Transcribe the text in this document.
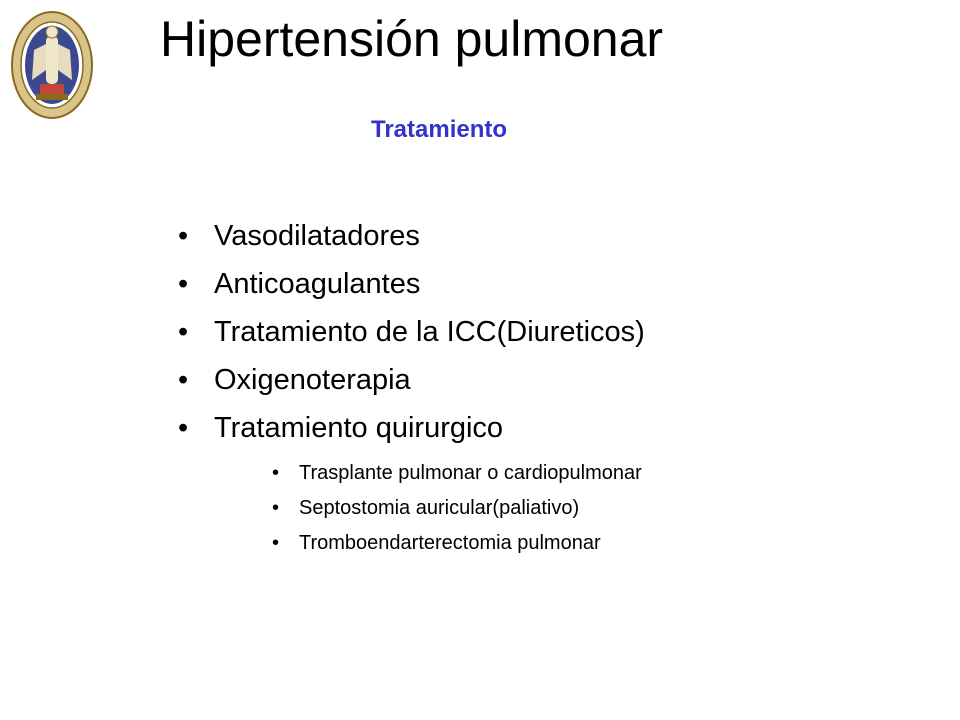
Hipertensión pulmonar
Tratamiento
• Vasodilatadores
• Anticoagulantes
• Tratamiento de la ICC(Diureticos)
• Oxigenoterapia
• Tratamiento quirurgico
• Trasplante pulmonar o cardiopulmonar
• Septostomia auricular(paliativo)
• Tromboendarterectomia pulmonar
